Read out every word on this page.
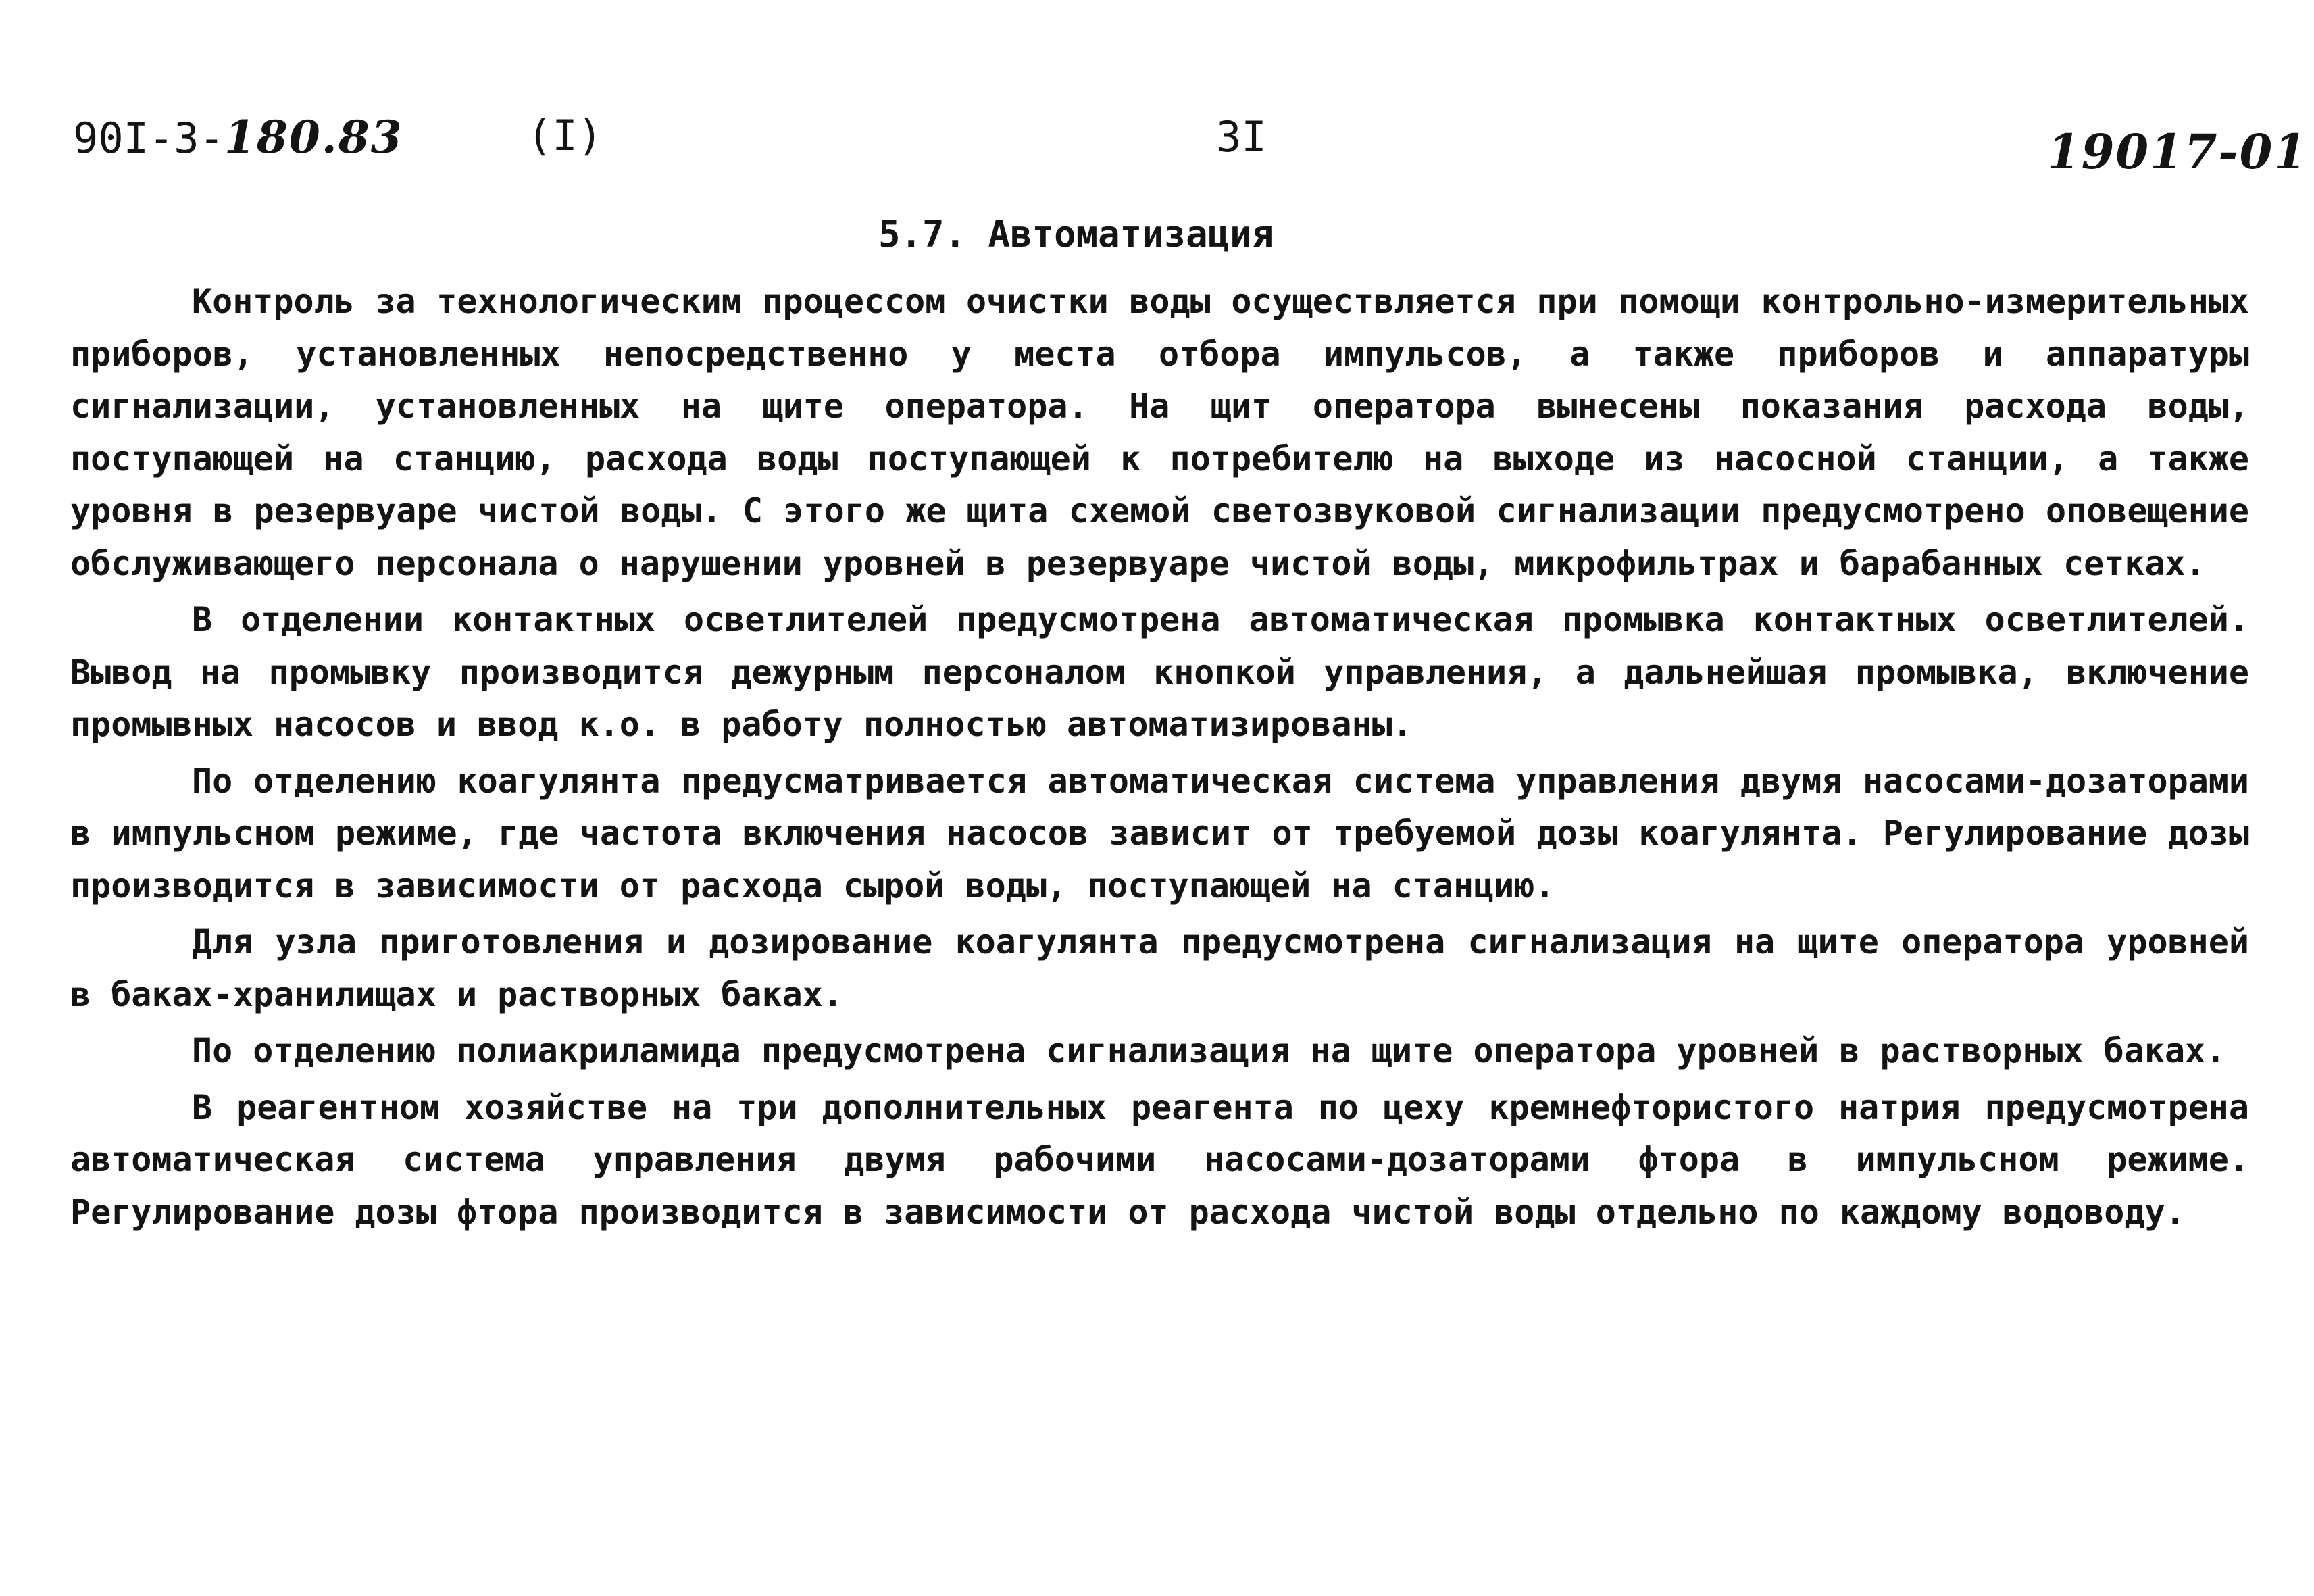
90I-3-180.83	(I)	3I	19017-01
5.7. Автоматизация

Контроль за технологическим процессом очистки воды осуществляется при помощи контрольно-измерительных приборов, установленных непосредственно у места отбора импульсов, а также приборов и аппаратуры сигнализации, установленных на щите оператора. На щит оператора вынесены показания расхода воды, поступающей на станцию, расхода воды поступающей к потребителю на выходе из насосной станции, а также уровня в резервуаре чистой воды. С этого же щита схемой светозвуковой сигнализации предусмотрено оповещение обслуживающего персонала о нарушении уровней в резервуаре чистой воды, микрофильтрах и барабанных сетках.

В отделении контактных осветлителей предусмотрена автоматическая промывка контактных осветлителей. Вывод на промывку производится дежурным персоналом кнопкой управления, а дальнейшая промывка, включение промывных насосов и ввод к.о. в работу полностью автоматизированы.

По отделению коагулянта предусматривается автоматическая система управления двумя насосами-дозаторами в импульсном режиме, где частота включения насосов зависит от требуемой дозы коагулянта. Регулирование дозы производится в зависимости от расхода сырой воды, поступающей на станцию.

Для узла приготовления и дозирование коагулянта предусмотрена сигнализация на щите оператора уровней в баках-хранилищах и растворных баках.

По отделению полиакриламида предусмотрена сигнализация на щите оператора уровней в растворных баках.

В реагентном хозяйстве на три дополнительных реагента по цеху кремнефтористого натрия предусмотрена автоматическая система управления двумя рабочими насосами-дозаторами фтора в импульсном режиме. Регулирование дозы фтора производится в зависимости от расхода чистой воды отдельно по каждому водоводу.
